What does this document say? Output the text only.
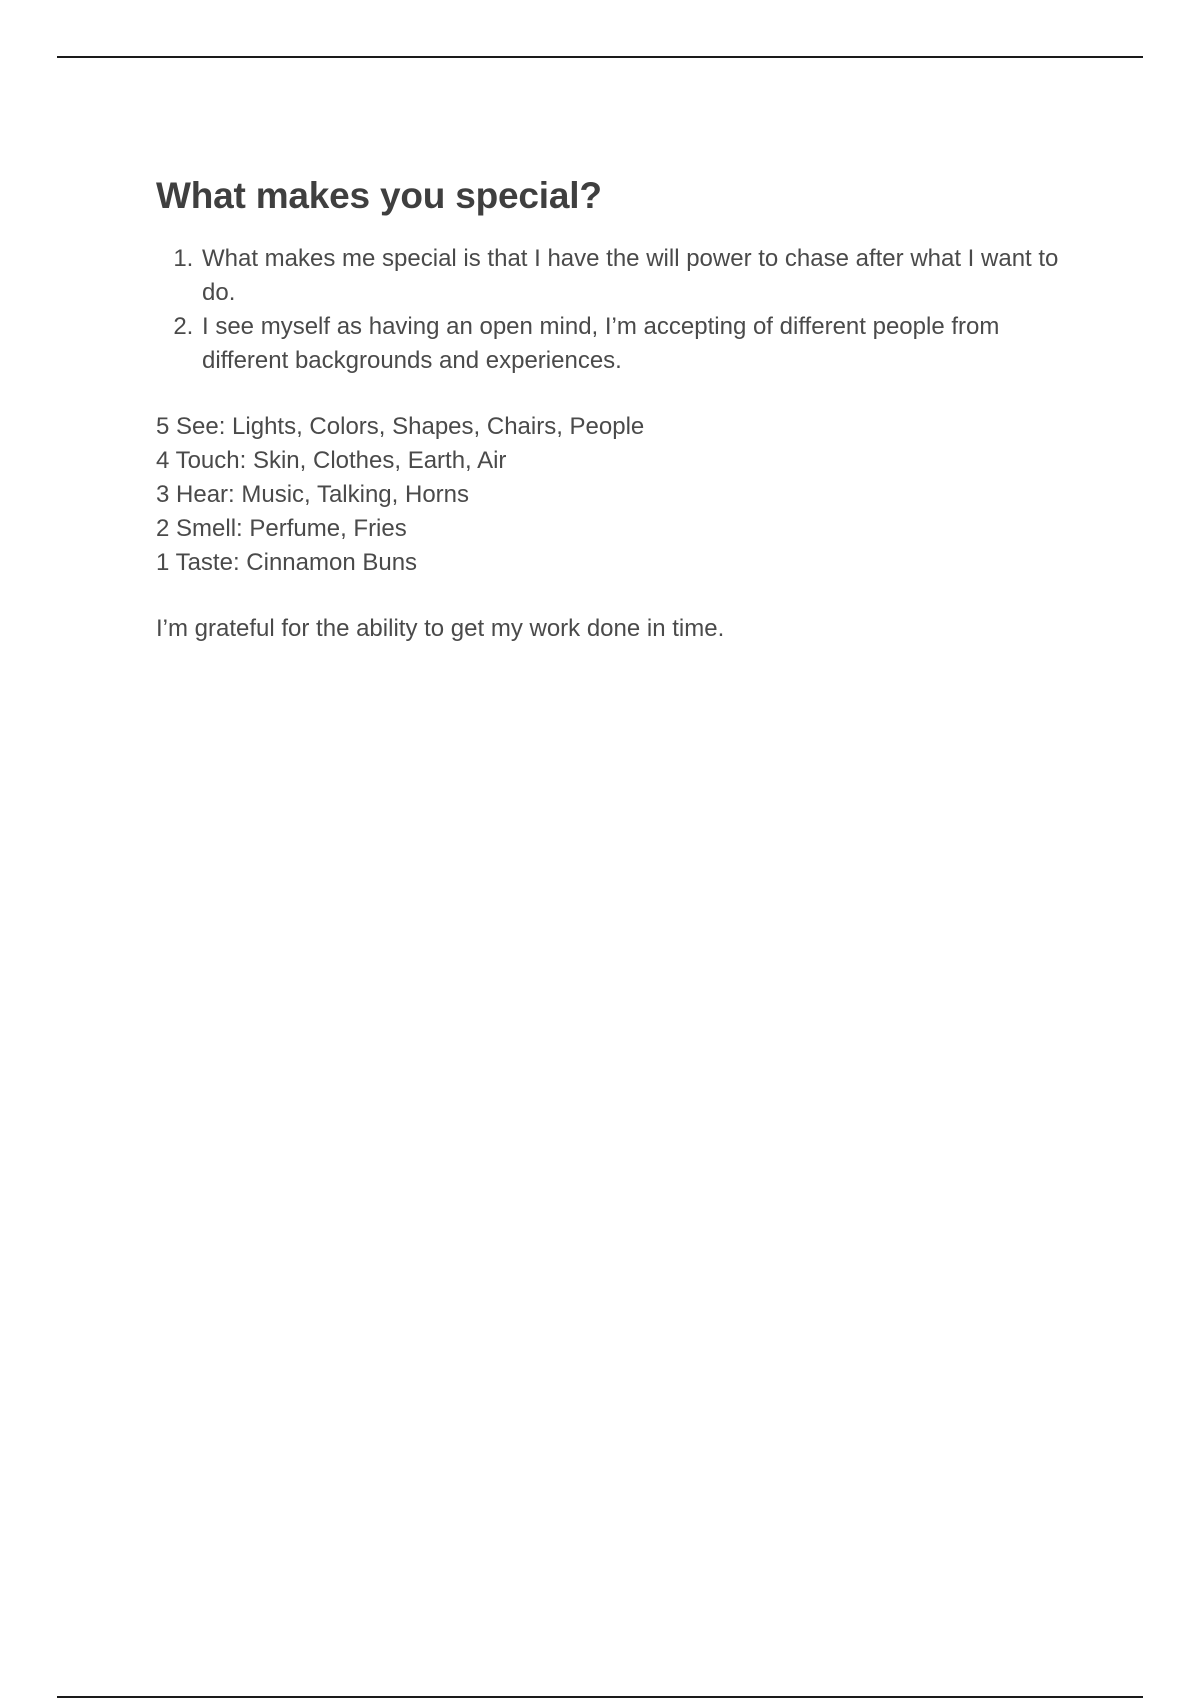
What makes you special?
1. What makes me special is that I have the will power to chase after what I want to do.
2. I see myself as having an open mind, I’m accepting of different people from different backgrounds and experiences.
5 See: Lights, Colors, Shapes, Chairs, People
4 Touch: Skin, Clothes, Earth, Air
3 Hear: Music, Talking, Horns
2 Smell: Perfume, Fries
1 Taste: Cinnamon Buns
I’m grateful for the ability to get my work done in time.
